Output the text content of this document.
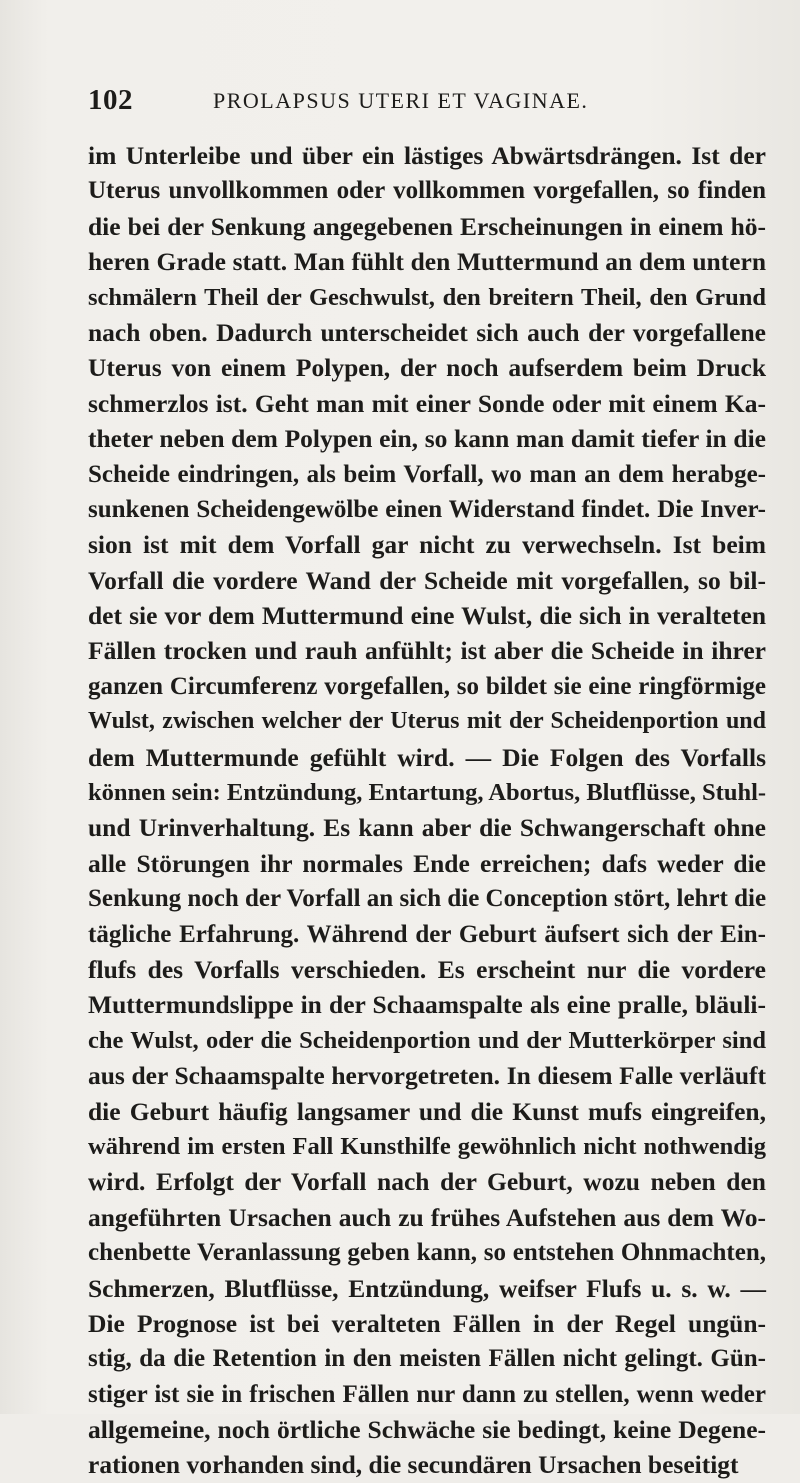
102	PROLAPSUS UTERI ET VAGINAE.
im Unterleibe und über ein lästiges Abwärtsdrängen. Ist der
Uterus unvollkommen oder vollkommen vorgefallen, so finden
die bei der Senkung angegebenen Erscheinungen in einem hö-
heren Grade statt. Man fühlt den Muttermund an dem untern
schmälern Theil der Geschwulst, den breitern Theil, den Grund
nach oben. Dadurch unterscheidet sich auch der vorgefallene
Uterus von einem Polypen, der noch aufserdem beim Druck
schmerzlos ist. Geht man mit einer Sonde oder mit einem Ka-
theter neben dem Polypen ein, so kann man damit tiefer in die
Scheide eindringen, als beim Vorfall, wo man an dem herabge-
sunkenen Scheidengewölbe einen Widerstand findet. Die Inver-
sion ist mit dem Vorfall gar nicht zu verwechseln. Ist beim
Vorfall die vordere Wand der Scheide mit vorgefallen, so bil-
det sie vor dem Muttermund eine Wulst, die sich in veralteten
Fällen trocken und rauh anfühlt; ist aber die Scheide in ihrer
ganzen Circumferenz vorgefallen, so bildet sie eine ringförmige
Wulst, zwischen welcher der Uterus mit der Scheidenportion und
dem Muttermunde gefühlt wird. — Die Folgen des Vorfalls
können sein: Entzündung, Entartung, Abortus, Blutflüsse, Stuhl-
und Urinverhaltung. Es kann aber die Schwangerschaft ohne
alle Störungen ihr normales Ende erreichen; dafs weder die
Senkung noch der Vorfall an sich die Conception stört, lehrt die
tägliche Erfahrung. Während der Geburt äufsert sich der Ein-
flufs des Vorfalls verschieden. Es erscheint nur die vordere
Muttermundslippe in der Schaamspalte als eine pralle, bläuli-
che Wulst, oder die Scheidenportion und der Mutterkörper sind
aus der Schaamspalte hervorgetreten. In diesem Falle verläuft
die Geburt häufig langsamer und die Kunst mufs eingreifen,
während im ersten Fall Kunsthilfe gewöhnlich nicht nothwendig
wird. Erfolgt der Vorfall nach der Geburt, wozu neben den
angeführten Ursachen auch zu frühes Aufstehen aus dem Wo-
chenbette Veranlassung geben kann, so entstehen Ohnmachten,
Schmerzen, Blutflüsse, Entzündung, weifser Flufs u. s. w. —
Die Prognose ist bei veralteten Fällen in der Regel ungün-
stig, da die Retention in den meisten Fällen nicht gelingt. Gün-
stiger ist sie in frischen Fällen nur dann zu stellen, wenn weder
allgemeine, noch örtliche Schwäche sie bedingt, keine Degene-
rationen vorhanden sind, die secundären Ursachen beseitigt
